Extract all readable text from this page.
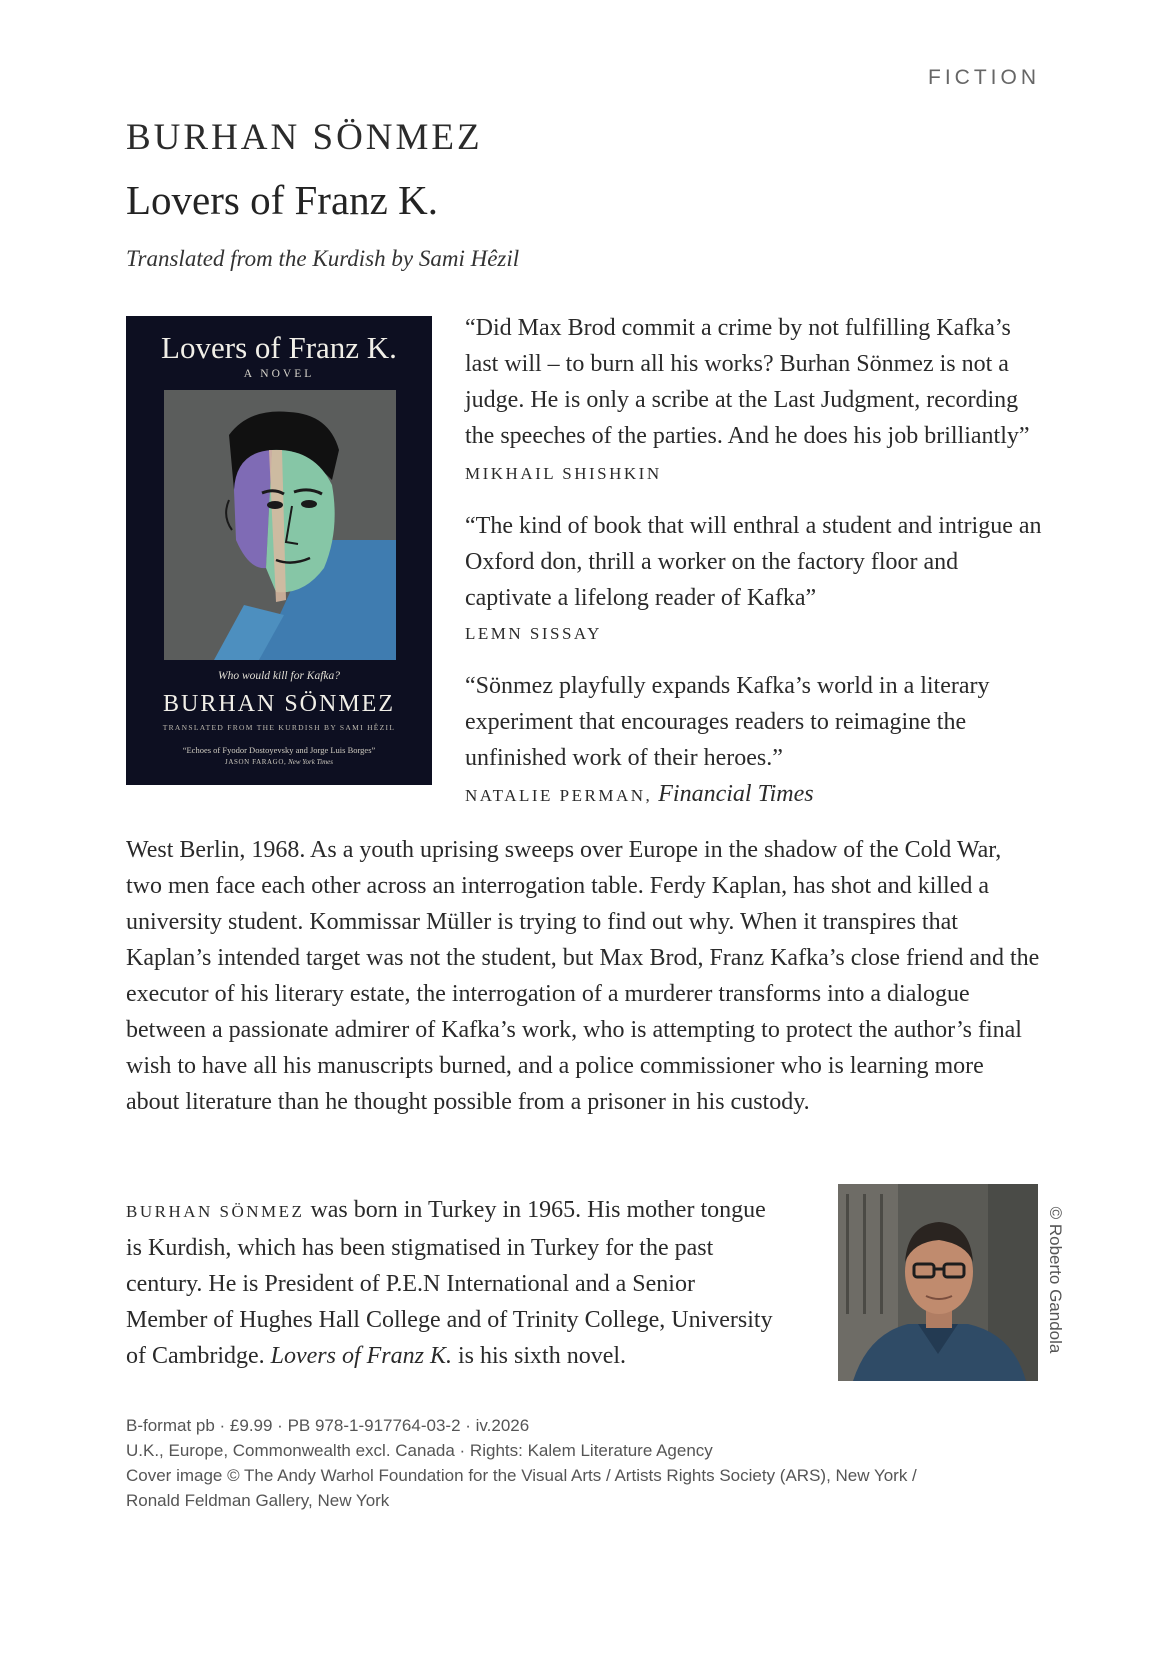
FICTION

BURHAN SÖNMEZ
Lovers of Franz K.

Translated from the Kurdish by Sami Hêzil

Lovers of Franz K.
A NOVEL
Who would kill for Kafka?
BURHAN SÖNMEZ
TRANSLATED FROM THE KURDISH BY SAMI HÊZIL
“Echoes of Fyodor Dostoyevsky and Jorge Luis Borges”
JASON FARAGO, New York Times

“Did Max Brod commit a crime by not fulfilling Kafka’s last will – to burn all his works? Burhan Sönmez is not a judge. He is only a scribe at the Last Judgment, recording the speeches of the parties. And he does his job brilliantly”  MIKHAIL SHISHKIN

“The kind of book that will enthral a student and intrigue an Oxford don, thrill a worker on the factory floor and captivate a lifelong reader of Kafka”
LEMN SISSAY

“Sönmez playfully expands Kafka’s world in a literary experiment that encourages readers to reimagine the unfinished work of their heroes.”
NATALIE PERMAN, Financial Times

West Berlin, 1968. As a youth uprising sweeps over Europe in the shadow of the Cold War, two men face each other across an interrogation table. Ferdy Kaplan, has shot and killed a university student. Kommissar Müller is trying to find out why. When it transpires that Kaplan’s intended target was not the student, but Max Brod, Franz Kafka’s close friend and the executor of his literary estate, the interrogation of a murderer transforms into a dialogue between a passionate admirer of Kafka’s work, who is attempting to protect the author’s final wish to have all his manuscripts burned, and a police commissioner who is learning more about literature than he thought possible from a prisoner in his custody.

BURHAN SÖNMEZ was born in Turkey in 1965. His mother tongue is Kurdish, which has been stigmatised in Turkey for the past century. He is President of P.E.N International and a Senior Member of Hughes Hall College and of Trinity College, University of Cambridge. Lovers of Franz K. is his sixth novel.

© Roberto Gandola
B-format pb · £9.99 · PB 978-1-917764-03-2 · iv.2026
U.K., Europe, Commonwealth excl. Canada · Rights: Kalem Literature Agency
Cover image © The Andy Warhol Foundation for the Visual Arts / Artists Rights Society (ARS), New York / Ronald Feldman Gallery, New York
